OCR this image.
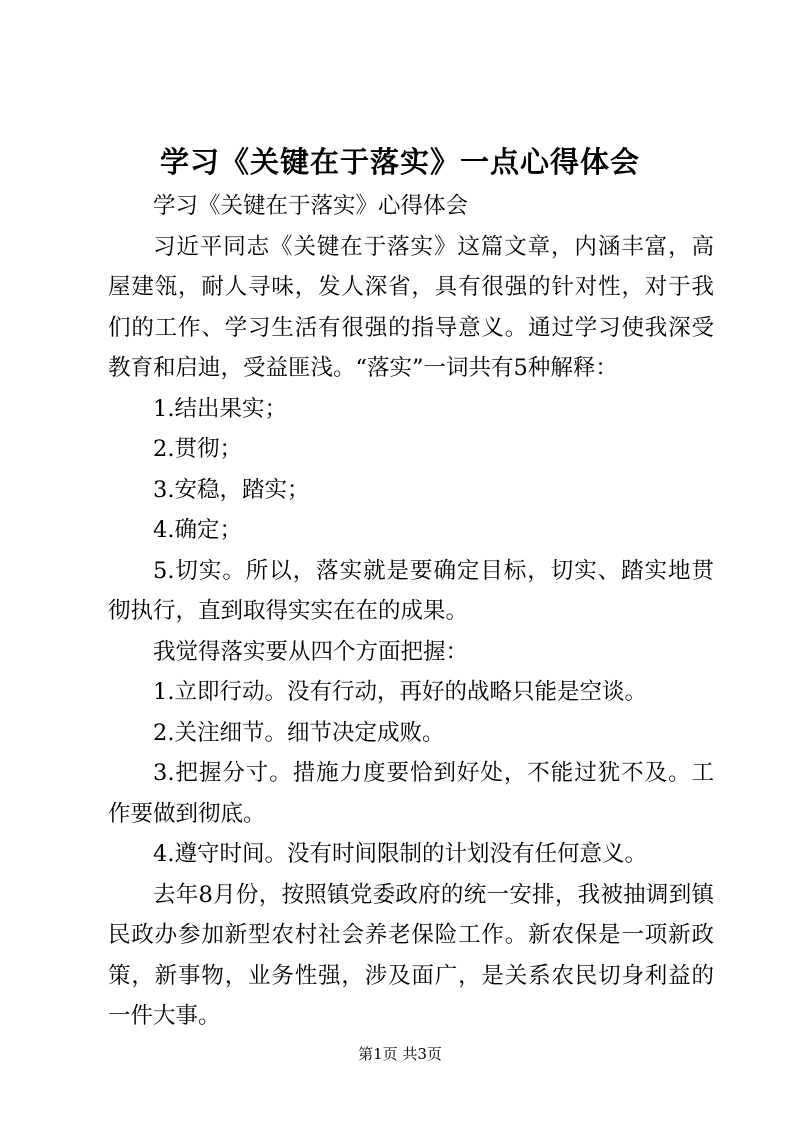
学习《关键在于落实》一点心得体会

学习《关键在于落实》心得体会

习近平同志《关键在于落实》这篇文章，内涵丰富，高屋建瓴，耐人寻味，发人深省，具有很强的针对性，对于我们的工作、学习生活有很强的指导意义。通过学习使我深受教育和启迪，受益匪浅。“落实”一词共有5种解释：

1.结出果实；

2.贯彻；

3.安稳，踏实；

4.确定；

5.切实。所以，落实就是要确定目标，切实、踏实地贯彻执行，直到取得实实在在的成果。

我觉得落实要从四个方面把握：

1.立即行动。没有行动，再好的战略只能是空谈。

2.关注细节。细节决定成败。

3.把握分寸。措施力度要恰到好处，不能过犹不及。工作要做到彻底。

4.遵守时间。没有时间限制的计划没有任何意义。

去年8月份，按照镇党委政府的统一安排，我被抽调到镇民政办参加新型农村社会养老保险工作。新农保是一项新政策，新事物，业务性强，涉及面广，是关系农民切身利益的一件大事。

第1页 共3页
